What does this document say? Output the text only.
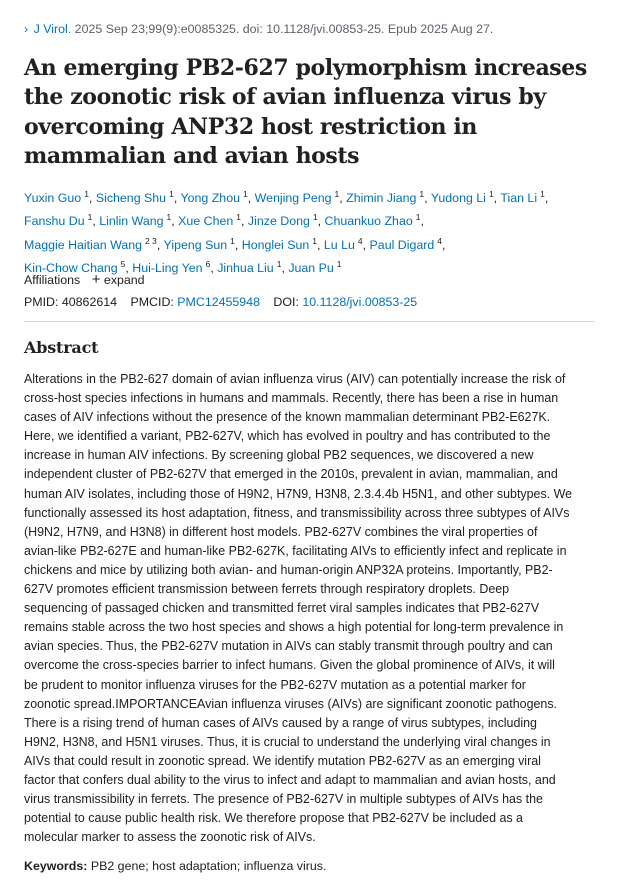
› J Virol. 2025 Sep 23;99(9):e0085325. doi: 10.1128/jvi.00853-25. Epub 2025 Aug 27.
An emerging PB2-627 polymorphism increases the zoonotic risk of avian influenza virus by overcoming ANP32 host restriction in mammalian and avian hosts
Yuxin Guo $^1$, Sicheng Shu $^1$, Yong Zhou $^1$, Wenjing Peng $^1$, Zhimin Jiang $^1$, Yudong Li $^1$, Tian Li $^1$,
Fanshu Du $^1$, Linlin Wang $^1$, Xue Chen $^1$, Jinze Dong $^1$, Chuankuo Zhao $^1$,
Maggie Haitian Wang $^{2 3}$, Yipeng Sun $^1$, Honglei Sun $^1$, Lu Lu $^4$, Paul Digard $^4$,
Kin-Chow Chang $^5$, Hui-Ling Yen $^6$, Jinhua Liu $^1$, Juan Pu $^1$
Affiliations + expand
PMID: 40862614 PMCID: PMC12455948 DOI: 10.1128/jvi.00853-25
Abstract
Alterations in the PB2-627 domain of avian influenza virus (AIV) can potentially increase the risk of
cross-host species infections in humans and mammals. Recently, there has been a rise in human
cases of AIV infections without the presence of the known mammalian determinant PB2-E627K.
Here, we identified a variant, PB2-627V, which has evolved in poultry and has contributed to the
increase in human AIV infections. By screening global PB2 sequences, we discovered a new
independent cluster of PB2-627V that emerged in the 2010s, prevalent in avian, mammalian, and
human AIV isolates, including those of H9N2, H7N9, H3N8, 2.3.4.4b H5N1, and other subtypes. We
functionally assessed its host adaptation, fitness, and transmissibility across three subtypes of AIVs
(H9N2, H7N9, and H3N8) in different host models. PB2-627V combines the viral properties of
avian-like PB2-627E and human-like PB2-627K, facilitating AIVs to efficiently infect and replicate in
chickens and mice by utilizing both avian- and human-origin ANP32A proteins. Importantly, PB2-
627V promotes efficient transmission between ferrets through respiratory droplets. Deep
sequencing of passaged chicken and transmitted ferret viral samples indicates that PB2-627V
remains stable across the two host species and shows a high potential for long-term prevalence in
avian species. Thus, the PB2-627V mutation in AIVs can stably transmit through poultry and can
overcome the cross-species barrier to infect humans. Given the global prominence of AIVs, it will
be prudent to monitor influenza viruses for the PB2-627V mutation as a potential marker for
zoonotic spread.IMPORTANCEAvian influenza viruses (AIVs) are significant zoonotic pathogens.
There is a rising trend of human cases of AIVs caused by a range of virus subtypes, including
H9N2, H3N8, and H5N1 viruses. Thus, it is crucial to understand the underlying viral changes in
AIVs that could result in zoonotic spread. We identify mutation PB2-627V as an emerging viral
factor that confers dual ability to the virus to infect and adapt to mammalian and avian hosts, and
virus transmissibility in ferrets. The presence of PB2-627V in multiple subtypes of AIVs has the
potential to cause public health risk. We therefore propose that PB2-627V be included as a
molecular marker to assess the zoonotic risk of AIVs.
Keywords: PB2 gene; host adaptation; influenza virus.
